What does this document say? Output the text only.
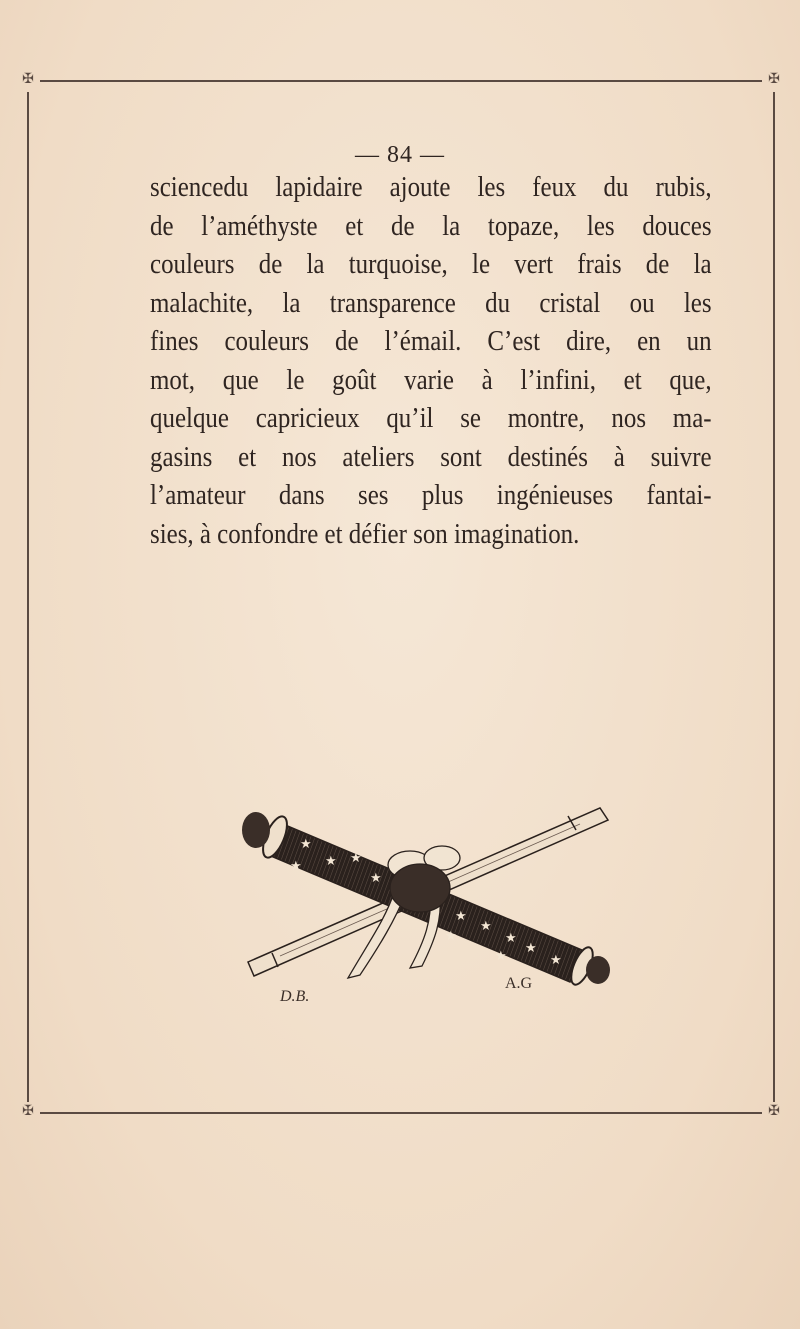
✠	✠
✠	✠
— 84 —
sciencedu lapidaire ajoute les feux du rubis,
de l’améthyste et de la topaze, les douces
couleurs de la turquoise, le vert frais de la
malachite, la transparence du cristal ou les
fines couleurs de l’émail. C’est dire, en un
mot, que le goût varie à l’infini, et que,
quelque capricieux qu’il se montre, nos ma-
gasins et nos ateliers sont destinés à suivre
l’amateur dans ses plus ingénieuses fantai-
sies, à confondre et défier son imagination.
★
★ ★
★
★
★
★
★
★
★
★
★
D.B.
A.G
